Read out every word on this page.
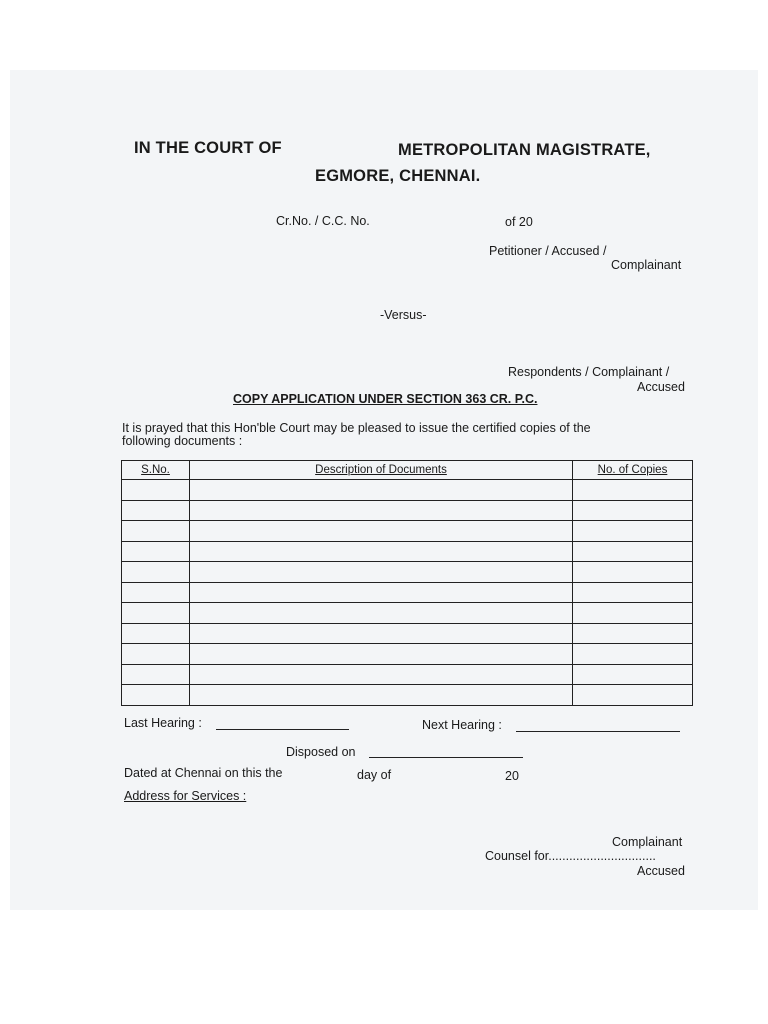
IN THE COURT OF	METROPOLITAN MAGISTRATE,
EGMORE, CHENNAI.
Cr.No. / C.C. No.	of 20
Petitioner / Accused /
Complainant
-Versus-
Respondents / Complainant /
Accused
COPY APPLICATION UNDER SECTION 363 CR. P.C.
It is prayed that this Hon'ble Court may be pleased to issue the certified copies of the
following documents :
S.No.	Description of Documents	No. of Copies

Last Hearing :	Next Hearing :
Disposed on
Dated at Chennai on this the	day of	20
Address for Services :
Complainant
Counsel for...............................
Accused
